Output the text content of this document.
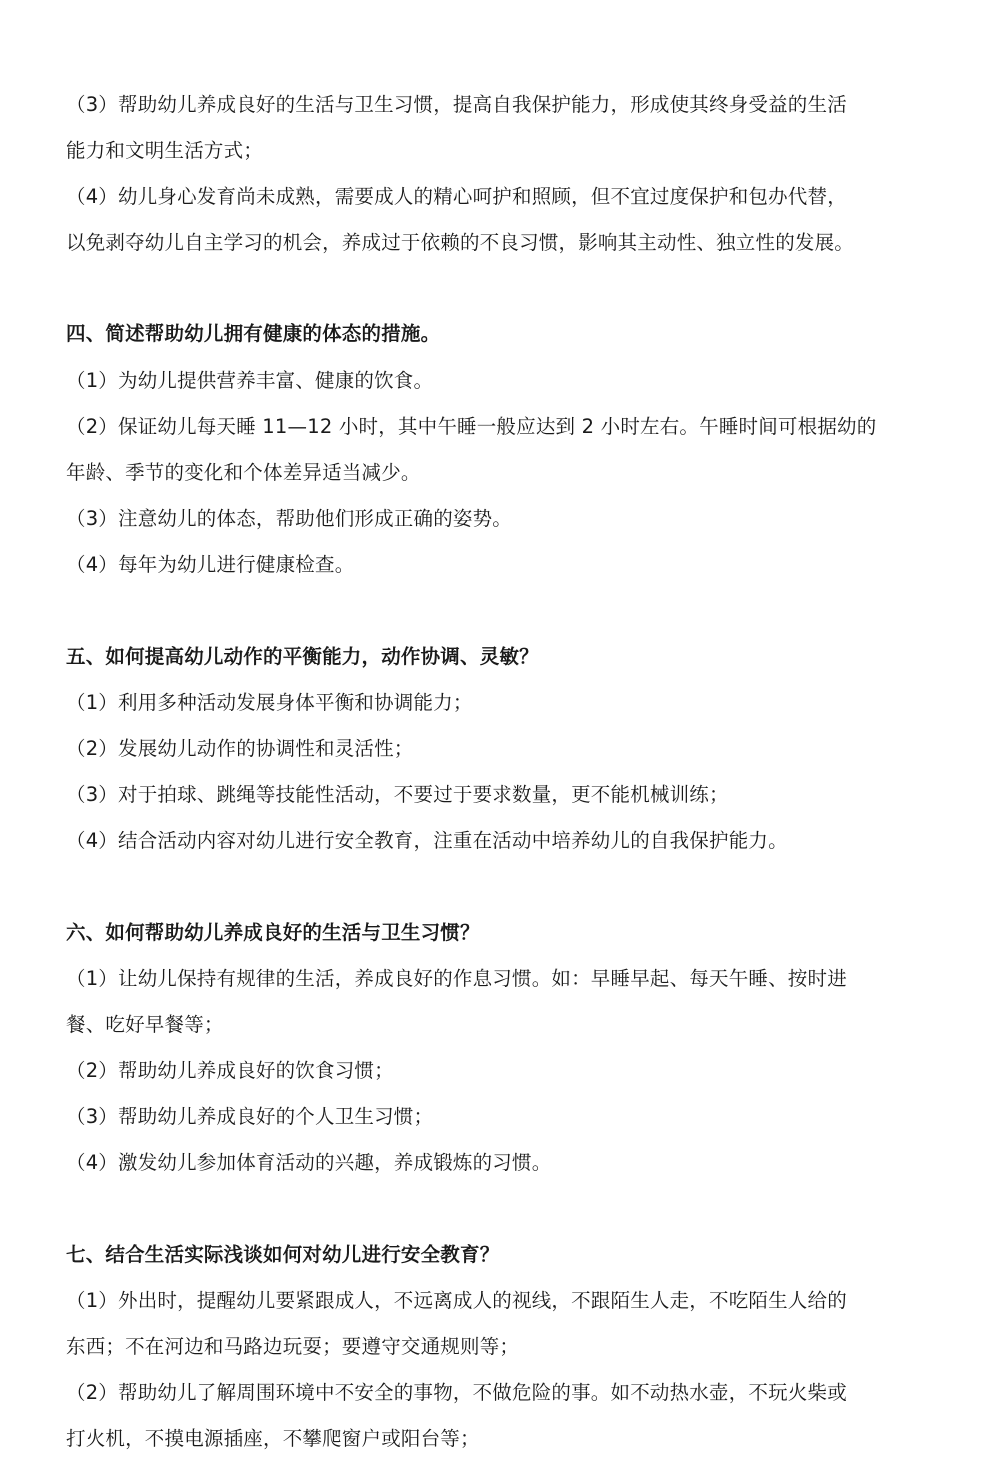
（3）帮助幼儿养成良好的生活与卫生习惯，提高自我保护能力，形成使其终身受益的生活
能力和文明生活方式；
（4）幼儿身心发育尚未成熟，需要成人的精心呵护和照顾，但不宜过度保护和包办代替，
以免剥夺幼儿自主学习的机会，养成过于依赖的不良习惯，影响其主动性、独立性的发展。
四、简述帮助幼儿拥有健康的体态的措施。
（1）为幼儿提供营养丰富、健康的饮食。
（2）保证幼儿每天睡 11—12 小时，其中午睡一般应达到 2 小时左右。午睡时间可根据幼的
年龄、季节的变化和个体差异适当减少。
（3）注意幼儿的体态，帮助他们形成正确的姿势。
（4）每年为幼儿进行健康检查。
五、如何提高幼儿动作的平衡能力，动作协调、灵敏？
（1）利用多种活动发展身体平衡和协调能力；
（2）发展幼儿动作的协调性和灵活性；
（3）对于拍球、跳绳等技能性活动，不要过于要求数量，更不能机械训练；
（4）结合活动内容对幼儿进行安全教育，注重在活动中培养幼儿的自我保护能力。
六、如何帮助幼儿养成良好的生活与卫生习惯？
（1）让幼儿保持有规律的生活，养成良好的作息习惯。如：早睡早起、每天午睡、按时进
餐、吃好早餐等；
（2）帮助幼儿养成良好的饮食习惯；
（3）帮助幼儿养成良好的个人卫生习惯；
（4）激发幼儿参加体育活动的兴趣，养成锻炼的习惯。
七、结合生活实际浅谈如何对幼儿进行安全教育？
（1）外出时，提醒幼儿要紧跟成人，不远离成人的视线，不跟陌生人走，不吃陌生人给的
东西；不在河边和马路边玩耍；要遵守交通规则等；
（2）帮助幼儿了解周围环境中不安全的事物，不做危险的事。如不动热水壶，不玩火柴或
打火机，不摸电源插座，不攀爬窗户或阳台等；
